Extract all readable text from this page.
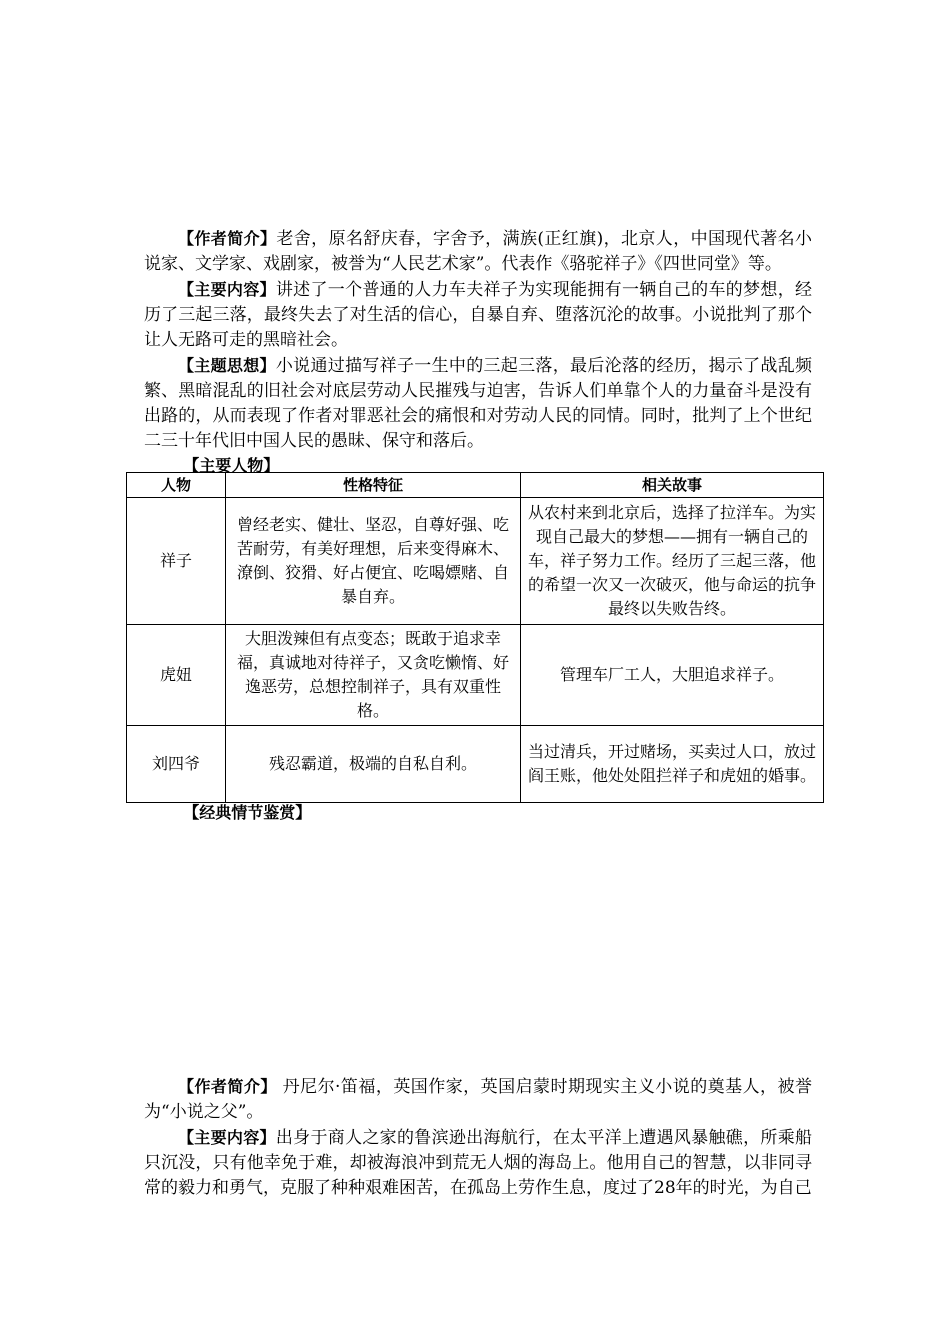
【作者简介】老舍，原名舒庆春，字舍予，满族(正红旗)，北京人，中国现代著名小说家、文学家、戏剧家，被誉为“人民艺术家”。代表作《骆驼祥子》《四世同堂》等。

【主要内容】讲述了一个普通的人力车夫祥子为实现能拥有一辆自己的车的梦想，经历了三起三落，最终失去了对生活的信心，自暴自弃、堕落沉沦的故事。小说批判了那个让人无路可走的黑暗社会。

【主题思想】小说通过描写祥子一生中的三起三落，最后沦落的经历，揭示了战乱频繁、黑暗混乱的旧社会对底层劳动人民摧残与迫害，告诉人们单靠个人的力量奋斗是没有出路的，从而表现了作者对罪恶社会的痛恨和对劳动人民的同情。同时，批判了上个世纪二三十年代旧中国人民的愚昧、保守和落后。

【主要人物】
人物	性格特征	相关故事
祥子	曾经老实、健壮、坚忍，自尊好强、吃苦耐劳，有美好理想，后来变得麻木、潦倒、狡猾、好占便宜、吃喝嫖赌、自暴自弃。	从农村来到北京后，选择了拉洋车。为实现自己最大的梦想——拥有一辆自己的车，祥子努力工作。经历了三起三落，他的希望一次又一次破灭，他与命运的抗争最终以失败告终。
虎妞	大胆泼辣但有点变态；既敢于追求幸福，真诚地对待祥子，又贪吃懒惰、好逸恶劳，总想控制祥子，具有双重性格。	管理车厂工人，大胆追求祥子。
刘四爷	残忍霸道，极端的自私自利。	当过清兵，开过赌场，买卖过人口，放过阎王账，他处处阻拦祥子和虎妞的婚事。
【经典情节鉴赏】

【作者简介】 丹尼尔·笛福，英国作家，英国启蒙时期现实主义小说的奠基人，被誉为“小说之父”。

【主要内容】出身于商人之家的鲁滨逊出海航行，在太平洋上遭遇风暴触礁，所乘船只沉没，只有他幸免于难，却被海浪冲到荒无人烟的海岛上。他用自己的智慧，以非同寻常的毅力和勇气，克服了种种艰难困苦，在孤岛上劳作生息，度过了28年的时光，为自己
